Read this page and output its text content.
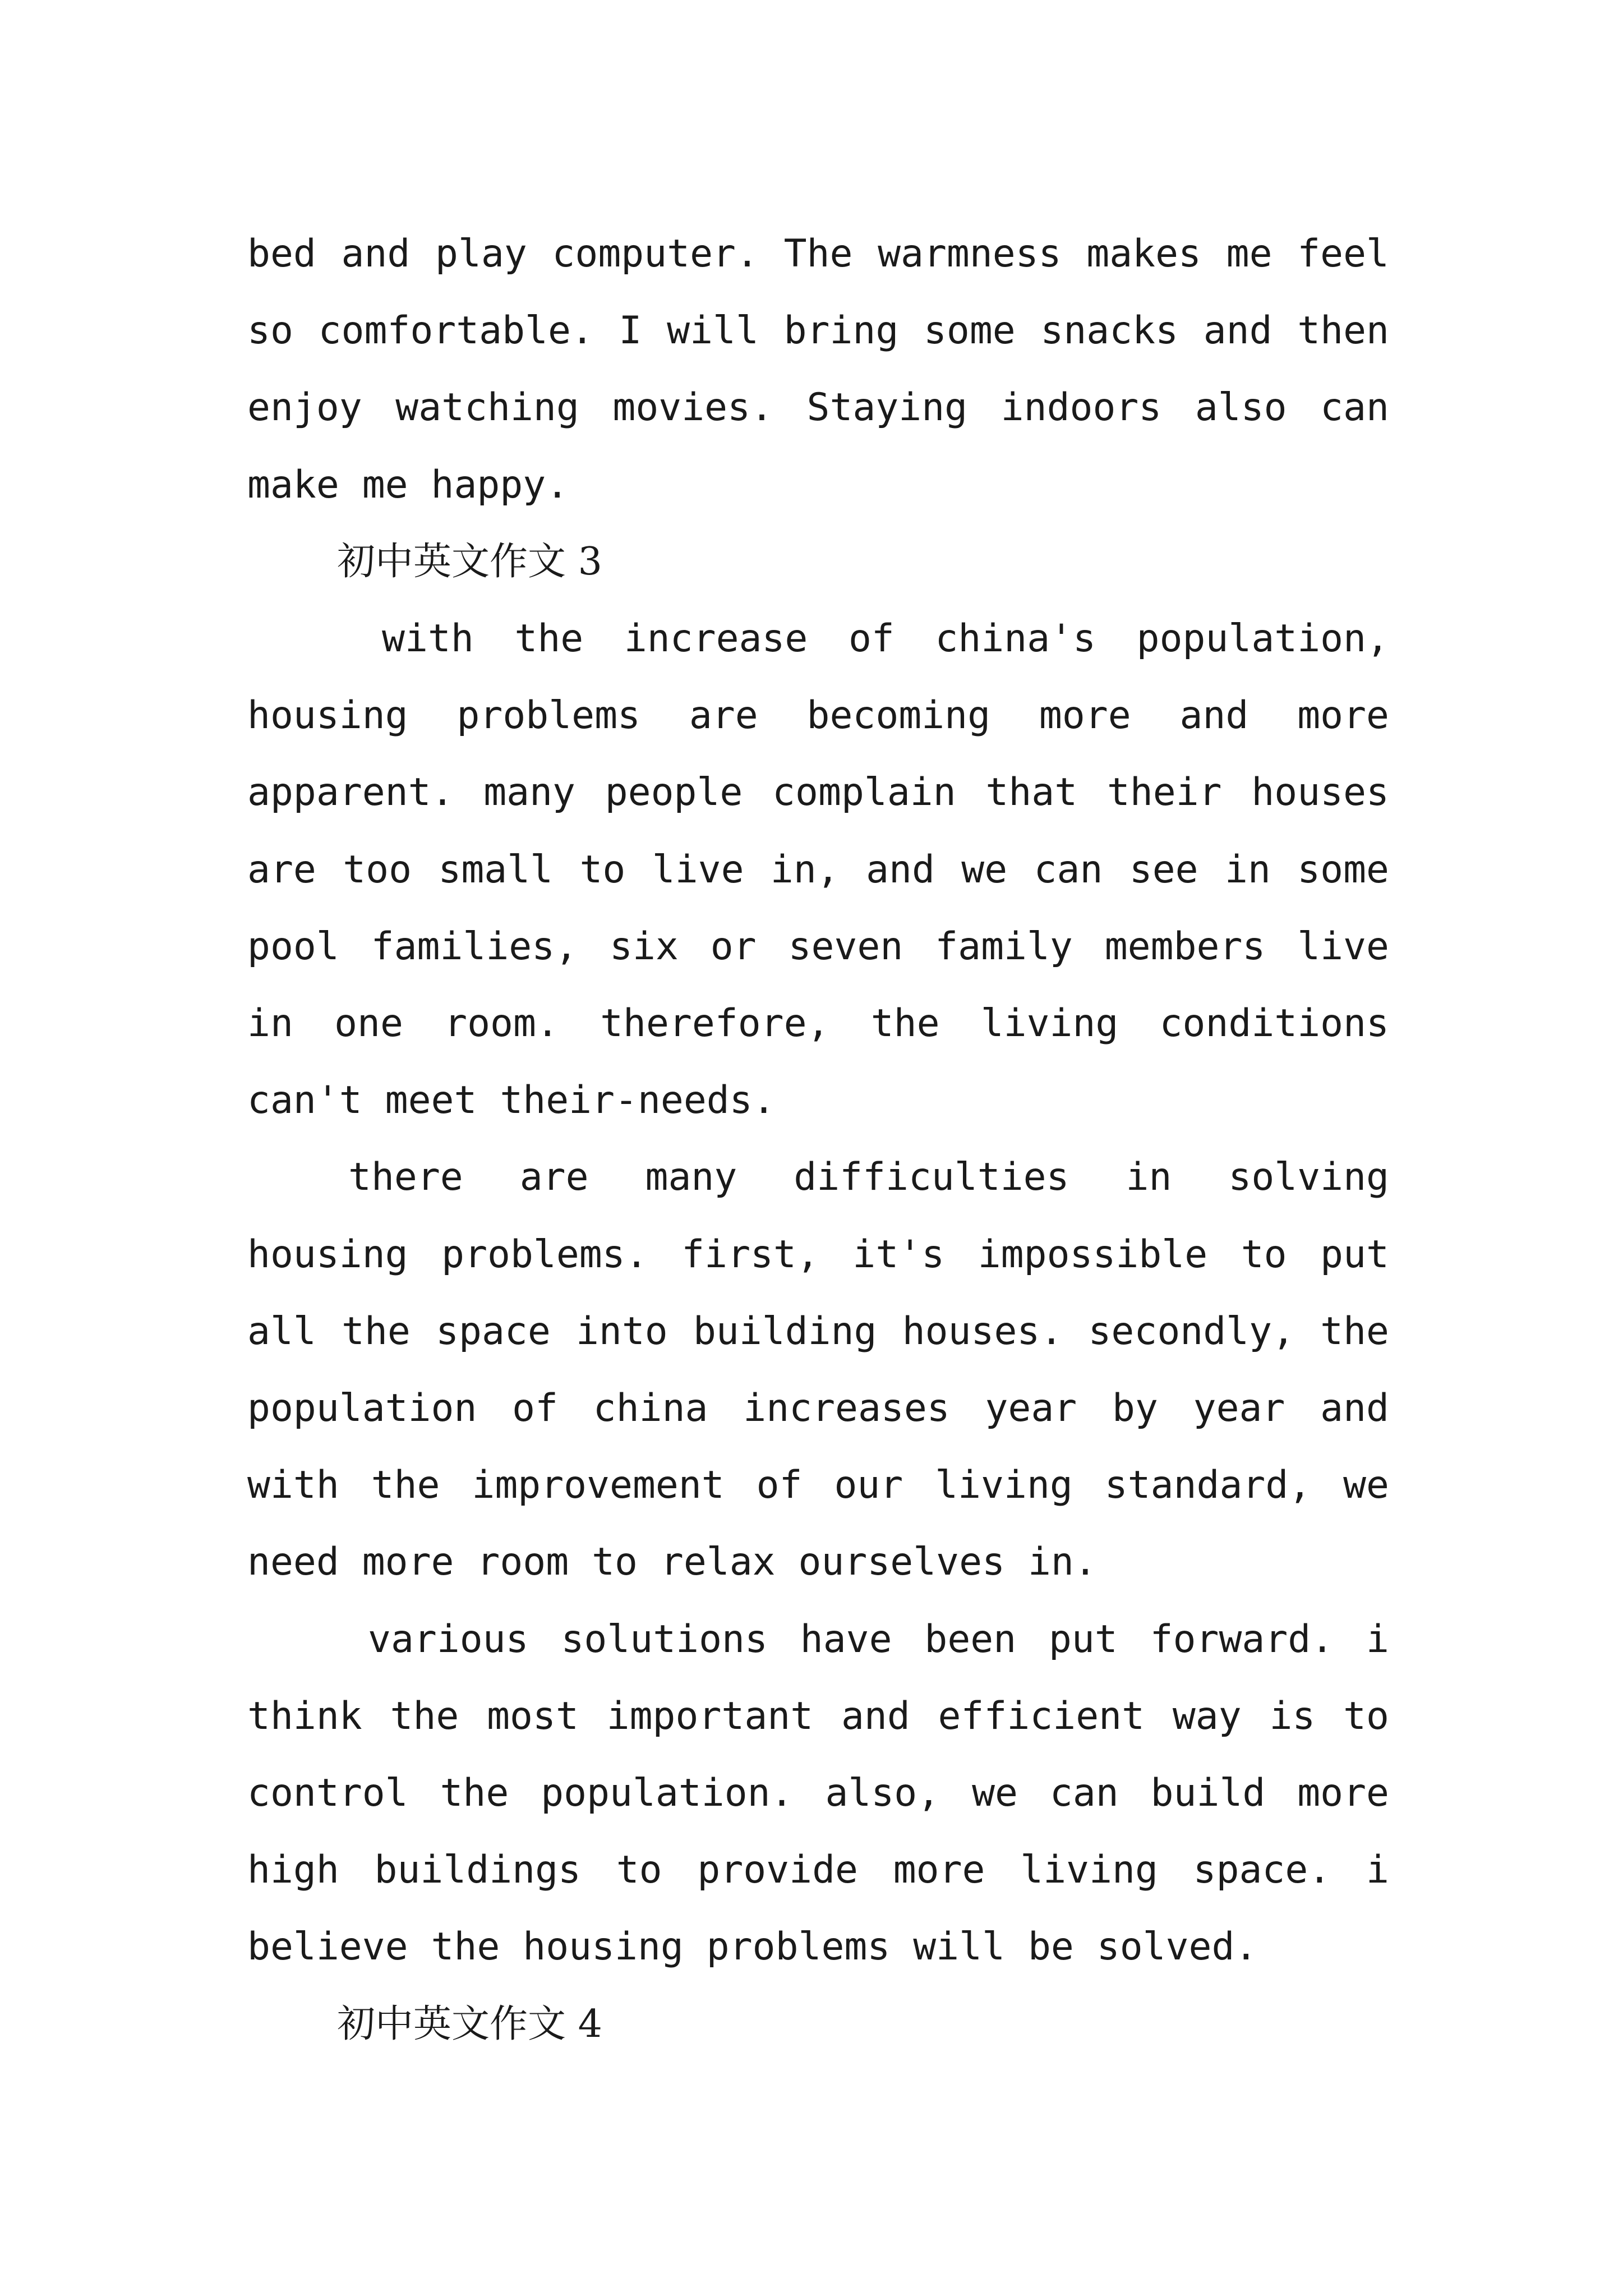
bed and play computer. The warmness makes me feel so comfortable. I will bring some snacks and then enjoy watching movies. Staying indoors also can make me happy.

初中英文作文 3

with the increase of china's population, housing problems are becoming more and more apparent. many people complain that their houses are too small to live in, and we can see in some pool families, six or seven family members live in one room. therefore, the living conditions can't meet their-needs.

there are many difficulties in solving housing problems. first, it's impossible to put all the space into building houses. secondly, the population of china increases year by year and with the improvement of our living standard, we need more room to relax ourselves in.

various solutions have been put forward. i think the most important and efficient way is to control the population. also, we can build more high buildings to provide more living space. i believe the housing problems will be solved.

初中英文作文 4
